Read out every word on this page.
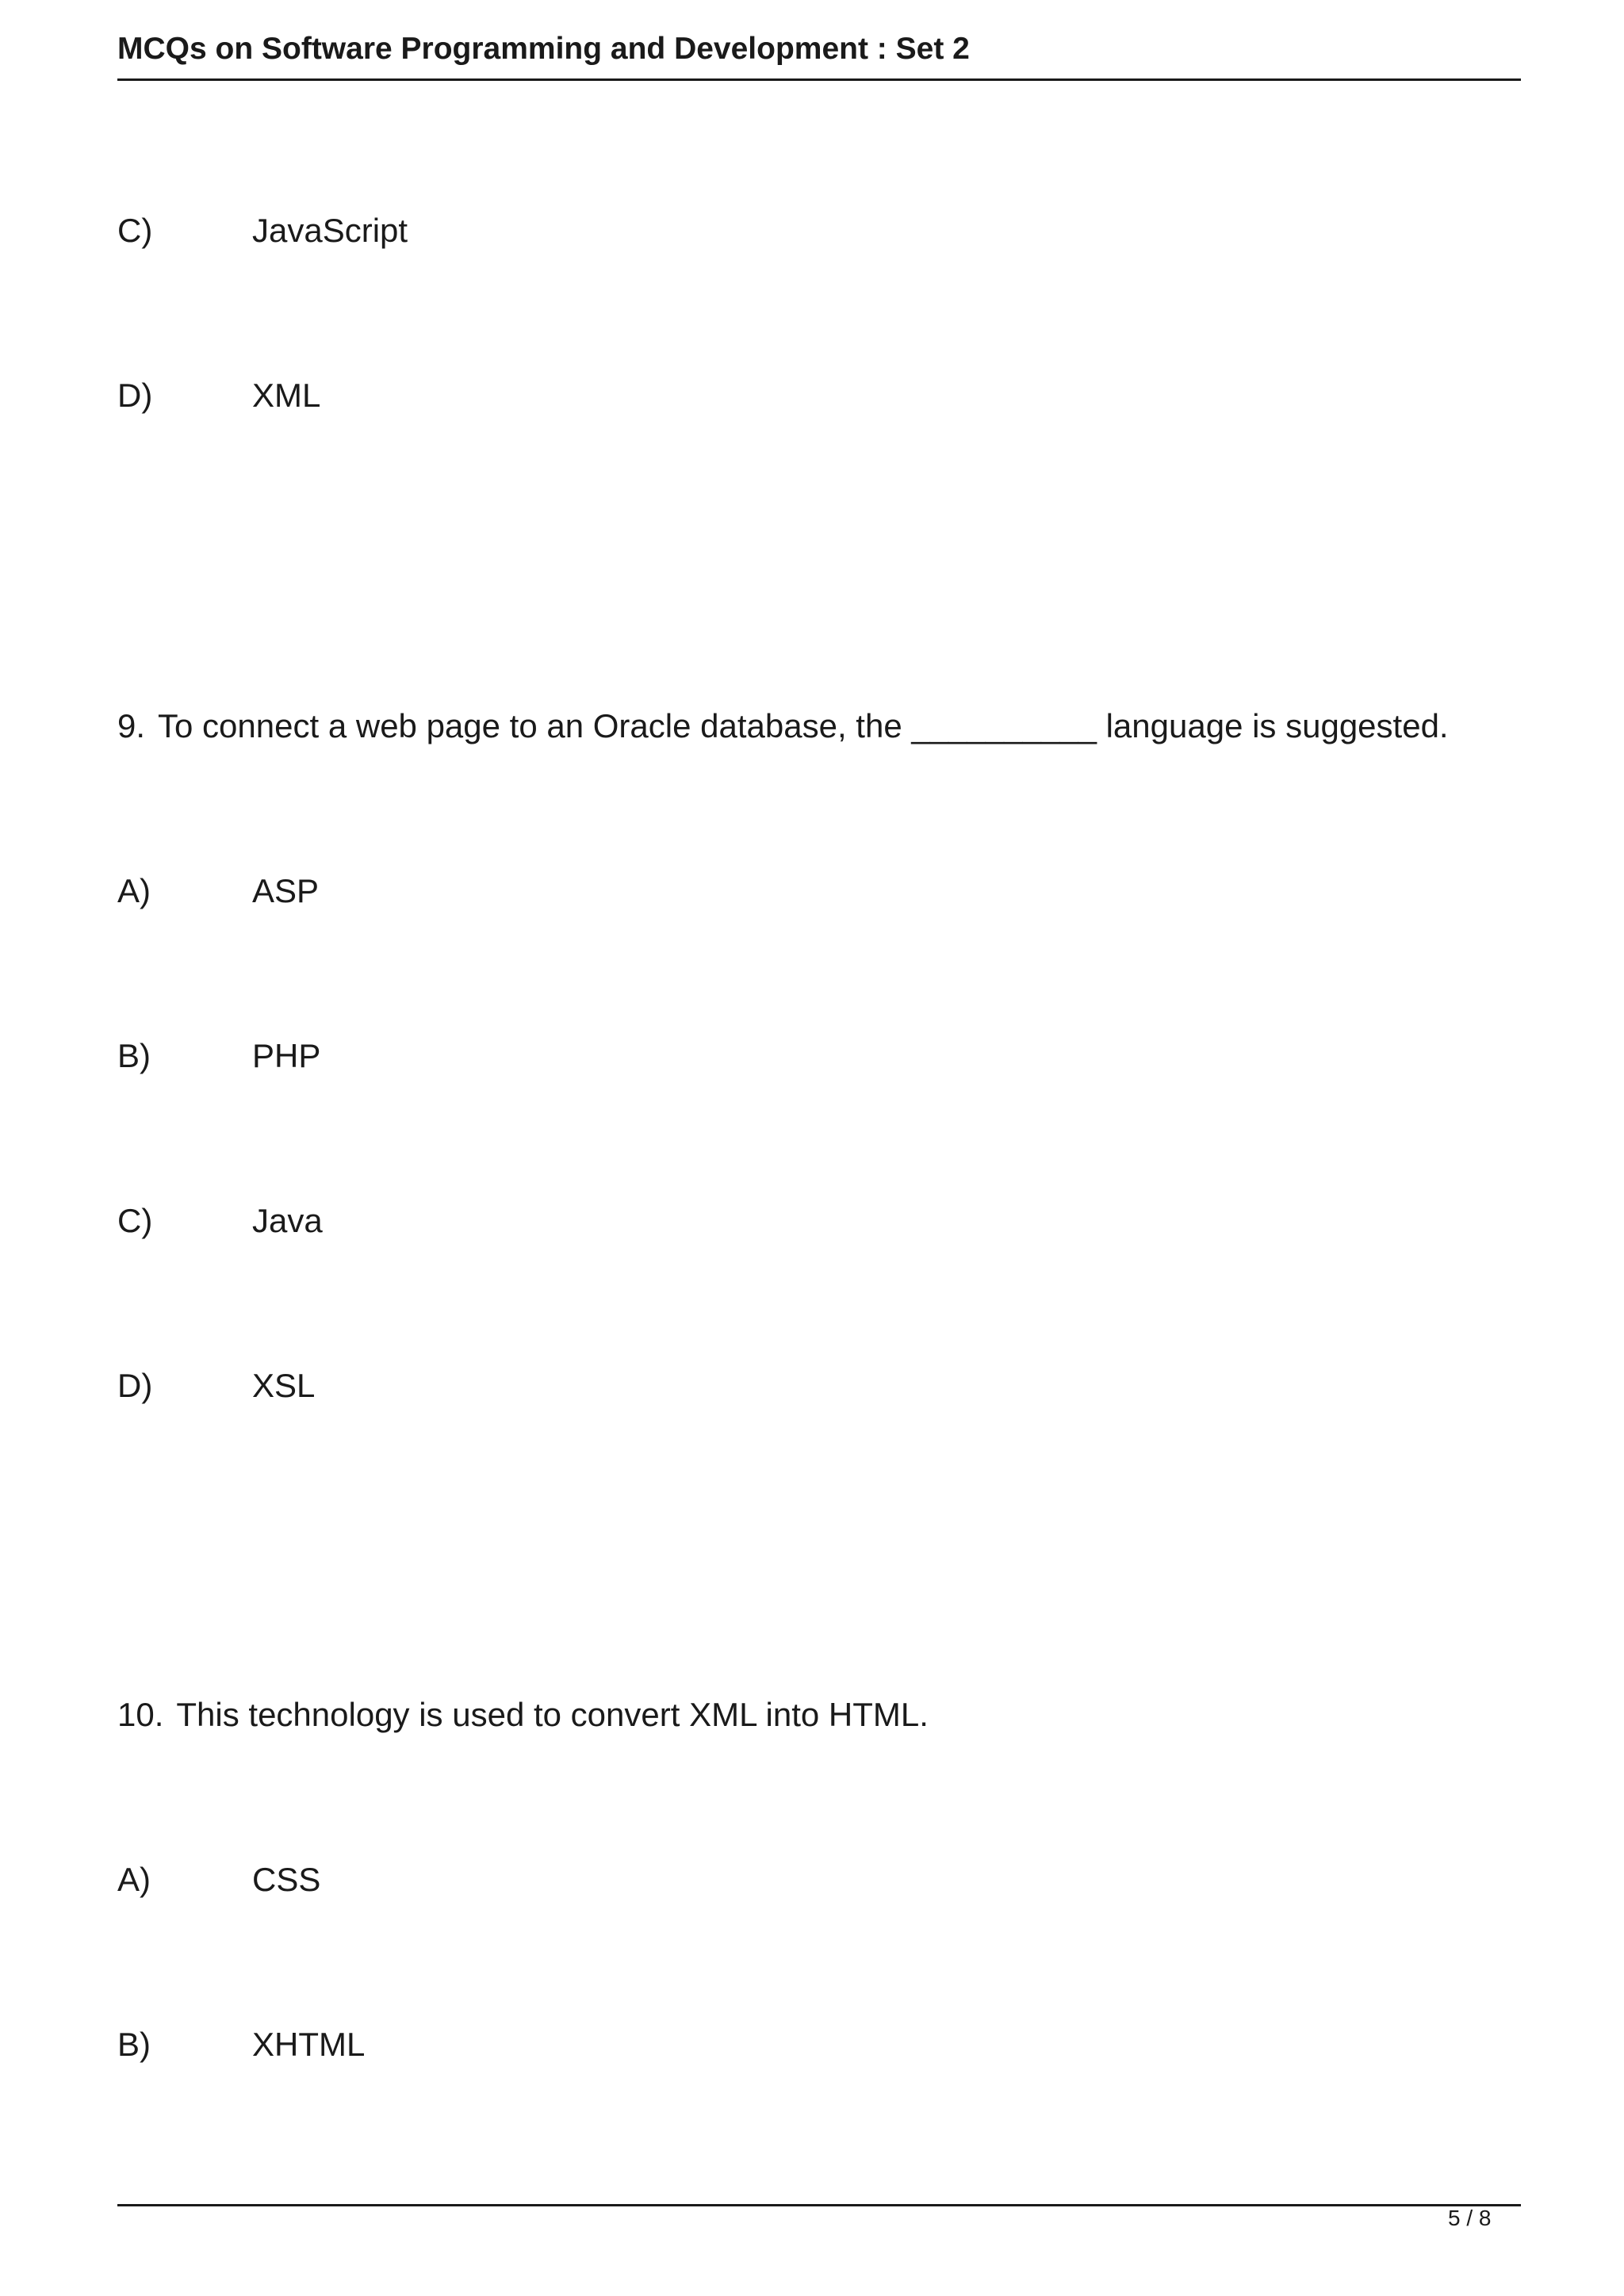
MCQs on Software Programming and Development : Set 2
C)	JavaScript
D)	XML
9. To connect a web page to an Oracle database, the __________ language is suggested.
A)	ASP
B)	PHP
C)	Java
D)	XSL
10. This technology is used to convert XML into HTML.
A)	CSS
B)	XHTML
5 / 8
